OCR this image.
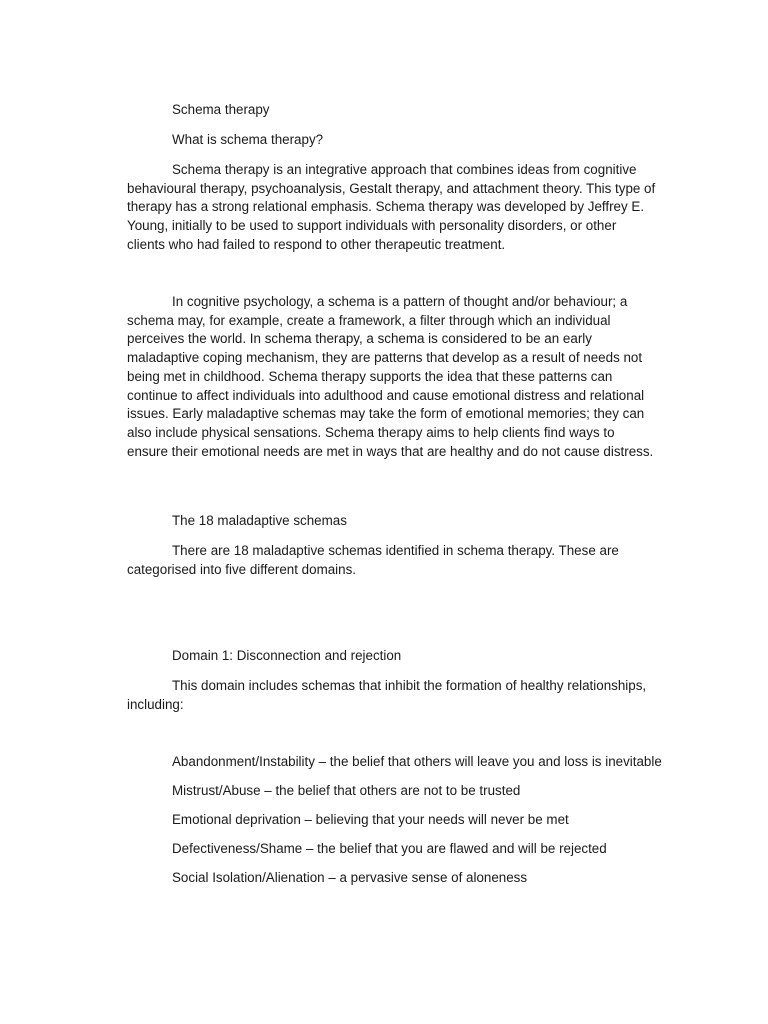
Schema therapy

What is schema therapy?

Schema therapy is an integrative approach that combines ideas from cognitive behavioural therapy, psychoanalysis, Gestalt therapy, and attachment theory. This type of therapy has a strong relational emphasis. Schema therapy was developed by Jeffrey E. Young, initially to be used to support individuals with personality disorders, or other clients who had failed to respond to other therapeutic treatment.

In cognitive psychology, a schema is a pattern of thought and/or behaviour; a schema may, for example, create a framework, a filter through which an individual perceives the world. In schema therapy, a schema is considered to be an early maladaptive coping mechanism, they are patterns that develop as a result of needs not being met in childhood. Schema therapy supports the idea that these patterns can continue to affect individuals into adulthood and cause emotional distress and relational issues. Early maladaptive schemas may take the form of emotional memories; they can also include physical sensations. Schema therapy aims to help clients find ways to ensure their emotional needs are met in ways that are healthy and do not cause distress.

The 18 maladaptive schemas

There are 18 maladaptive schemas identified in schema therapy. These are categorised into five different domains.

Domain 1: Disconnection and rejection

This domain includes schemas that inhibit the formation of healthy relationships, including:

Abandonment/Instability – the belief that others will leave you and loss is inevitable

Mistrust/Abuse – the belief that others are not to be trusted

Emotional deprivation – believing that your needs will never be met

Defectiveness/Shame – the belief that you are flawed and will be rejected

Social Isolation/Alienation – a pervasive sense of aloneness
